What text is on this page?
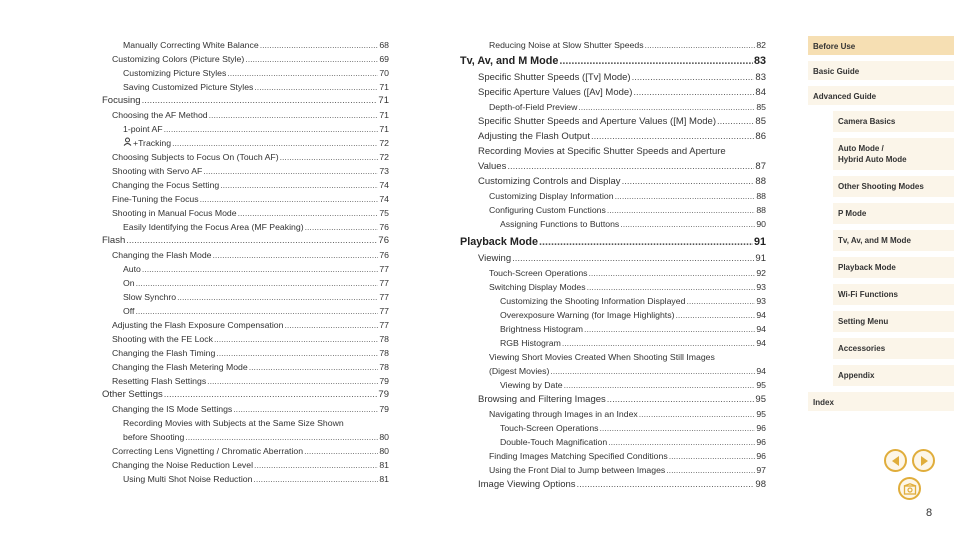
Manually Correcting White Balance .....	68
Customizing Colors (Picture Style) .....	69
Customizing Picture Styles .....	70
Saving Customized Picture Styles .....	71
Focusing .....	71
Choosing the AF Method .....	71
1-point AF .....	71
+Tracking .....	72
Choosing Subjects to Focus On (Touch AF) .....	72
Shooting with Servo AF .....	73
Changing the Focus Setting .....	74
Fine-Tuning the Focus .....	74
Shooting in Manual Focus Mode .....	75
Easily Identifying the Focus Area (MF Peaking) .....	76
Flash .....	76
Changing the Flash Mode .....	76
Auto .....	77
On .....	77
Slow Synchro .....	77
Off .....	77
Adjusting the Flash Exposure Compensation .....	77
Shooting with the FE Lock .....	78
Changing the Flash Timing .....	78
Changing the Flash Metering Mode .....	78
Resetting Flash Settings .....	79
Other Settings .....	79
Changing the IS Mode Settings .....	79
Recording Movies with Subjects at the Same Size Shown
before Shooting .....	80
Correcting Lens Vignetting / Chromatic Aberration .....	80
Changing the Noise Reduction Level .....	81
Using Multi Shot Noise Reduction .....	81
Reducing Noise at Slow Shutter Speeds .....	82
Tv, Av, and M Mode .....	83
Specific Shutter Speeds ([Tv] Mode) .....	83
Specific Aperture Values ([Av] Mode) .....	84
Depth-of-Field Preview .....	85
Specific Shutter Speeds and Aperture Values ([M] Mode) .....	85
Adjusting the Flash Output .....	86
Recording Movies at Specific Shutter Speeds and Aperture
Values .....	87
Customizing Controls and Display .....	88
Customizing Display Information .....	88
Configuring Custom Functions .....	88
Assigning Functions to Buttons .....	90
Playback Mode .....	91
Viewing .....	91
Touch-Screen Operations .....	92
Switching Display Modes .....	93
Customizing the Shooting Information Displayed .....	93
Overexposure Warning (for Image Highlights) .....	94
Brightness Histogram .....	94
RGB Histogram .....	94
Viewing Short Movies Created When Shooting Still Images
(Digest Movies) .....	94
Viewing by Date .....	95
Browsing and Filtering Images .....	95
Navigating through Images in an Index .....	95
Touch-Screen Operations .....	96
Double-Touch Magnification .....	96
Finding Images Matching Specified Conditions .....	96
Using the Front Dial to Jump between Images .....	97
Image Viewing Options .....	98
Before Use
Basic Guide
Advanced Guide
Camera Basics
Auto Mode /
Hybrid Auto Mode
Other Shooting Modes
P Mode
Tv, Av, and M Mode
Playback Mode
Wi-Fi Functions
Setting Menu
Accessories
Appendix
Index
8
